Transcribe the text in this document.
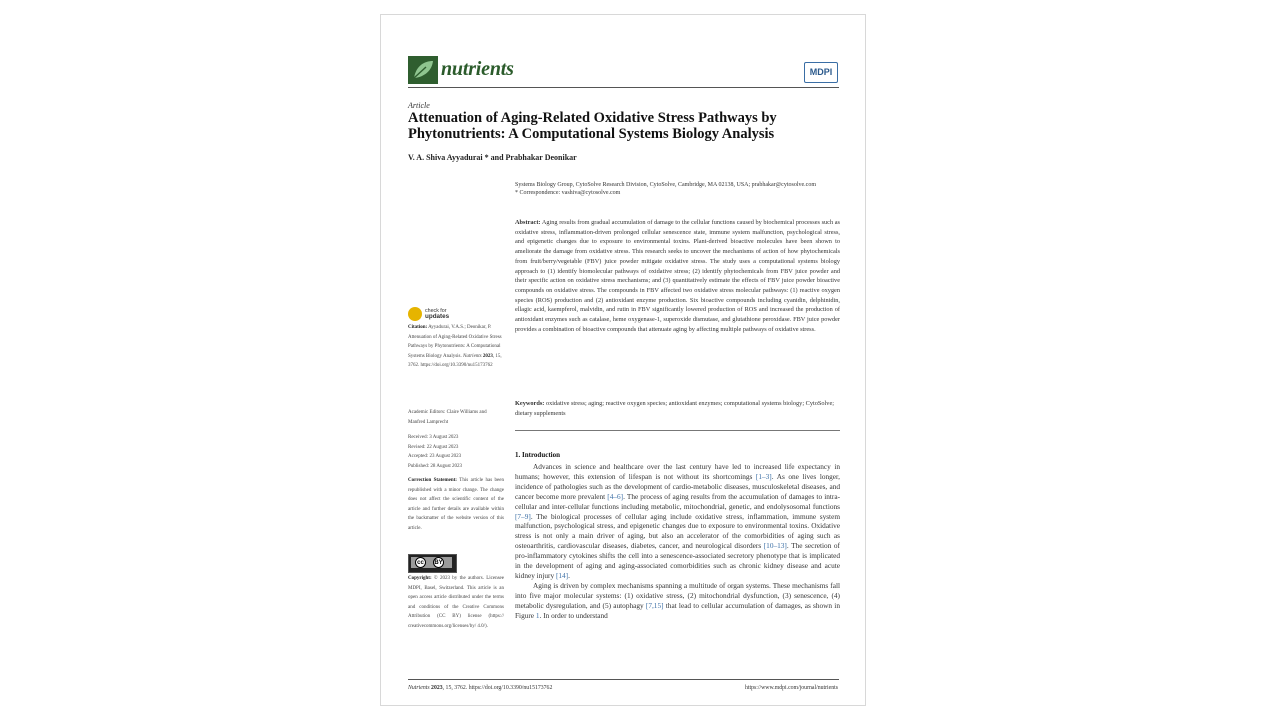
nutrients	MDPI
Article
Attenuation of Aging-Related Oxidative Stress Pathways by Phytonutrients: A Computational Systems Biology Analysis
V. A. Shiva Ayyadurai * and Prabhakar Deonikar
Systems Biology Group, CytoSolve Research Division, CytoSolve, Cambridge, MA 02138, USA; prabhakar@cytosolve.com
* Correspondence: vashiva@cytosolve.com
Abstract: Aging results from gradual accumulation of damage to the cellular functions caused by biochemical processes such as oxidative stress, inflammation-driven prolonged cellular senescence state, immune system malfunction, psychological stress, and epigenetic changes due to exposure to environmental toxins. Plant-derived bioactive molecules have been shown to ameliorate the damage from oxidative stress. This research seeks to uncover the mechanisms of action of how phytochemicals from fruit/berry/vegetable (FBV) juice powder mitigate oxidative stress. The study uses a computational systems biology approach to (1) identify biomolecular pathways of oxidative stress; (2) identify phytochemicals from FBV juice powder and their specific action on oxidative stress mechanisms; and (3) quantitatively estimate the effects of FBV juice powder bioactive compounds on oxidative stress. The compounds in FBV affected two oxidative stress molecular pathways: (1) reactive oxygen species (ROS) production and (2) antioxidant enzyme production. Six bioactive compounds including cyanidin, delphinidin, ellagic acid, kaempferol, malvidin, and rutin in FBV significantly lowered production of ROS and increased the production of antioxidant enzymes such as catalase, heme oxygenase-1, superoxide dismutase, and glutathione peroxidase. FBV juice powder provides a combination of bioactive compounds that attenuate aging by affecting multiple pathways of oxidative stress.
Keywords: oxidative stress; aging; reactive oxygen species; antioxidant enzymes; computational systems biology; CytoSolve; dietary supplements
check for
updates
Citation: Ayyadurai, V.A.S.; Deonikar, P. Attenuation of Aging-Related Oxidative Stress Pathways by Phytonutrients: A Computational Systems Biology Analysis. Nutrients 2023, 15, 3762. https://doi.org/10.3390/nu15173762
Academic Editors: Claire Williams and Manfred Lamprecht
Received: 3 August 2023
Revised: 22 August 2023
Accepted: 23 August 2023
Published: 28 August 2023
Correction Statement: This article has been republished with a minor change. The change does not affect the scientific content of the article and further details are available within the backmatter of the website version of this article.
cc	BY
Copyright: © 2023 by the authors. Licensee MDPI, Basel, Switzerland. This article is an open access article distributed under the terms and conditions of the Creative Commons Attribution (CC BY) license (https:// creativecommons.org/licenses/by/ 4.0/).
1. Introduction

Advances in science and healthcare over the last century have led to increased life expectancy in humans; however, this extension of lifespan is not without its shortcomings [1–3]. As one lives longer, incidence of pathologies such as the development of cardio-metabolic diseases, musculoskeletal diseases, and cancer become more prevalent [4–6]. The process of aging results from the accumulation of damages to intra-cellular and inter-cellular functions including metabolic, mitochondrial, genetic, and endolysosomal functions [7–9]. The biological processes of cellular aging include oxidative stress, inflammation, immune system malfunction, psychological stress, and epigenetic changes due to exposure to environmental toxins. Oxidative stress is not only a main driver of aging, but also an accelerator of the comorbidities of aging such as osteoarthritis, cardiovascular diseases, diabetes, cancer, and neurological disorders [10–13]. The secretion of pro-inflammatory cytokines shifts the cell into a senescence-associated secretory phenotype that is implicated in the development of aging and aging-associated comorbidities such as chronic kidney disease and acute kidney injury [14].

Aging is driven by complex mechanisms spanning a multitude of organ systems. These mechanisms fall into five major molecular systems: (1) oxidative stress, (2) mitochondrial dysfunction, (3) senescence, (4) metabolic dysregulation, and (5) autophagy [7,15] that lead to cellular accumulation of damages, as shown in Figure 1. In order to understand

Nutrients 2023, 15, 3762. https://doi.org/10.3390/nu15173762	https://www.mdpi.com/journal/nutrients
